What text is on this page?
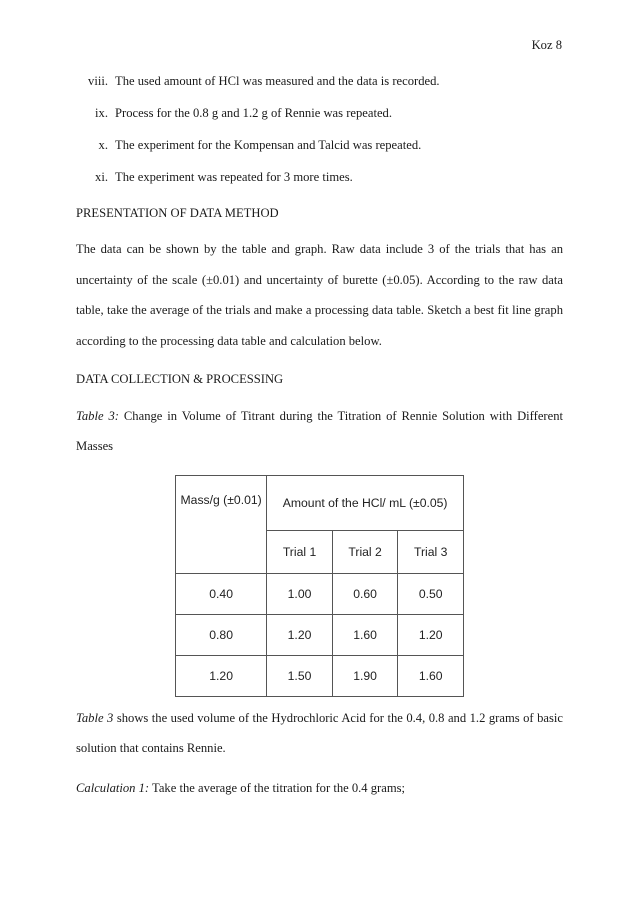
Koz 8
viii. The used amount of HCl was measured and the data is recorded.
ix. Process for the 0.8 g and 1.2 g of Rennie was repeated.
x. The experiment for the Kompensan and Talcid was repeated.
xi. The experiment was repeated for 3 more times.
PRESENTATION OF DATA METHOD
The data can be shown by the table and graph. Raw data include 3 of the trials that has an uncertainty of the scale (±0.01) and uncertainty of burette (±0.05). According to the raw data table, take the average of the trials and make a processing data table. Sketch a best fit line graph according to the processing data table and calculation below.
DATA COLLECTION & PROCESSING
Table 3: Change in Volume of Titrant during the Titration of Rennie Solution with Different Masses
Mass/g (±0.01)	Amount of the HCl/ mL (±0.05)		
	Trial 1	Trial 2	Trial 3
0.40	1.00	0.60	0.50
0.80	1.20	1.60	1.20
1.20	1.50	1.90	1.60
Table 3 shows the used volume of the Hydrochloric Acid for the 0.4, 0.8 and 1.2 grams of basic solution that contains Rennie.
Calculation 1: Take the average of the titration for the 0.4 grams;
